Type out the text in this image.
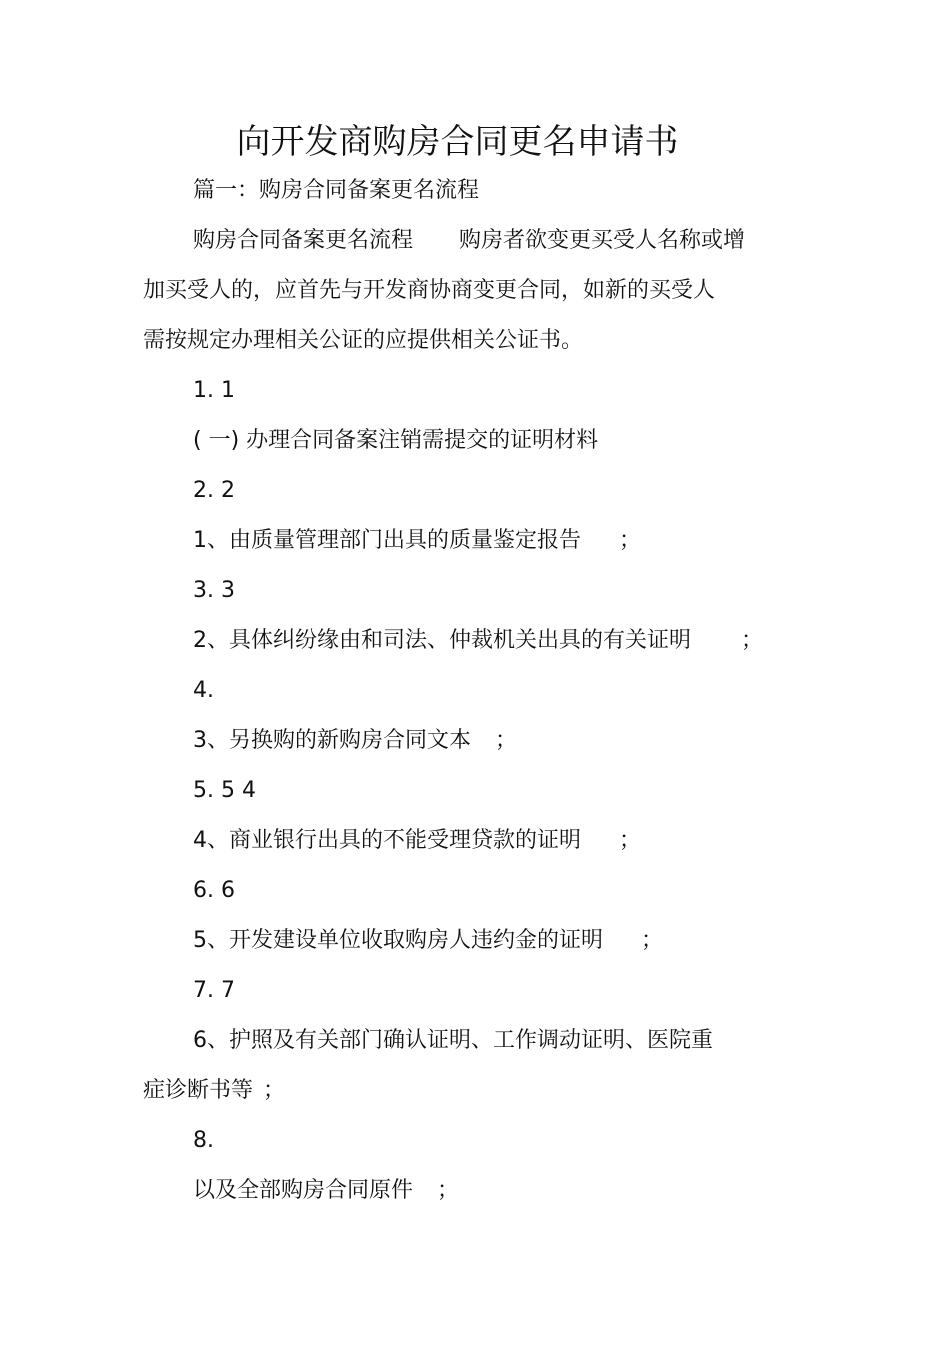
向开发商购房合同更名申请书
篇一：购房合同备案更名流程
购房合同备案更名流程 购房者欲变更买受人名称或增
加买受人的，应首先与开发商协商变更合同，如新的买受人
需按规定办理相关公证的应提供相关公证书。
1. 1
( 一) 办理合同备案注销需提交的证明材料
2. 2
1、由质量管理部门出具的质量鉴定报告 ；
3. 3
2、具体纠纷缘由和司法、仲裁机关出具的有关证明 ；
4.
3、另换购的新购房合同文本 ；
5. 5 4
4、商业银行出具的不能受理贷款的证明 ；
6. 6
5、开发建设单位收取购房人违约金的证明 ；
7. 7
6、护照及有关部门确认证明、工作调动证明、医院重
症诊断书等 ；
8.
以及全部购房合同原件 ；
